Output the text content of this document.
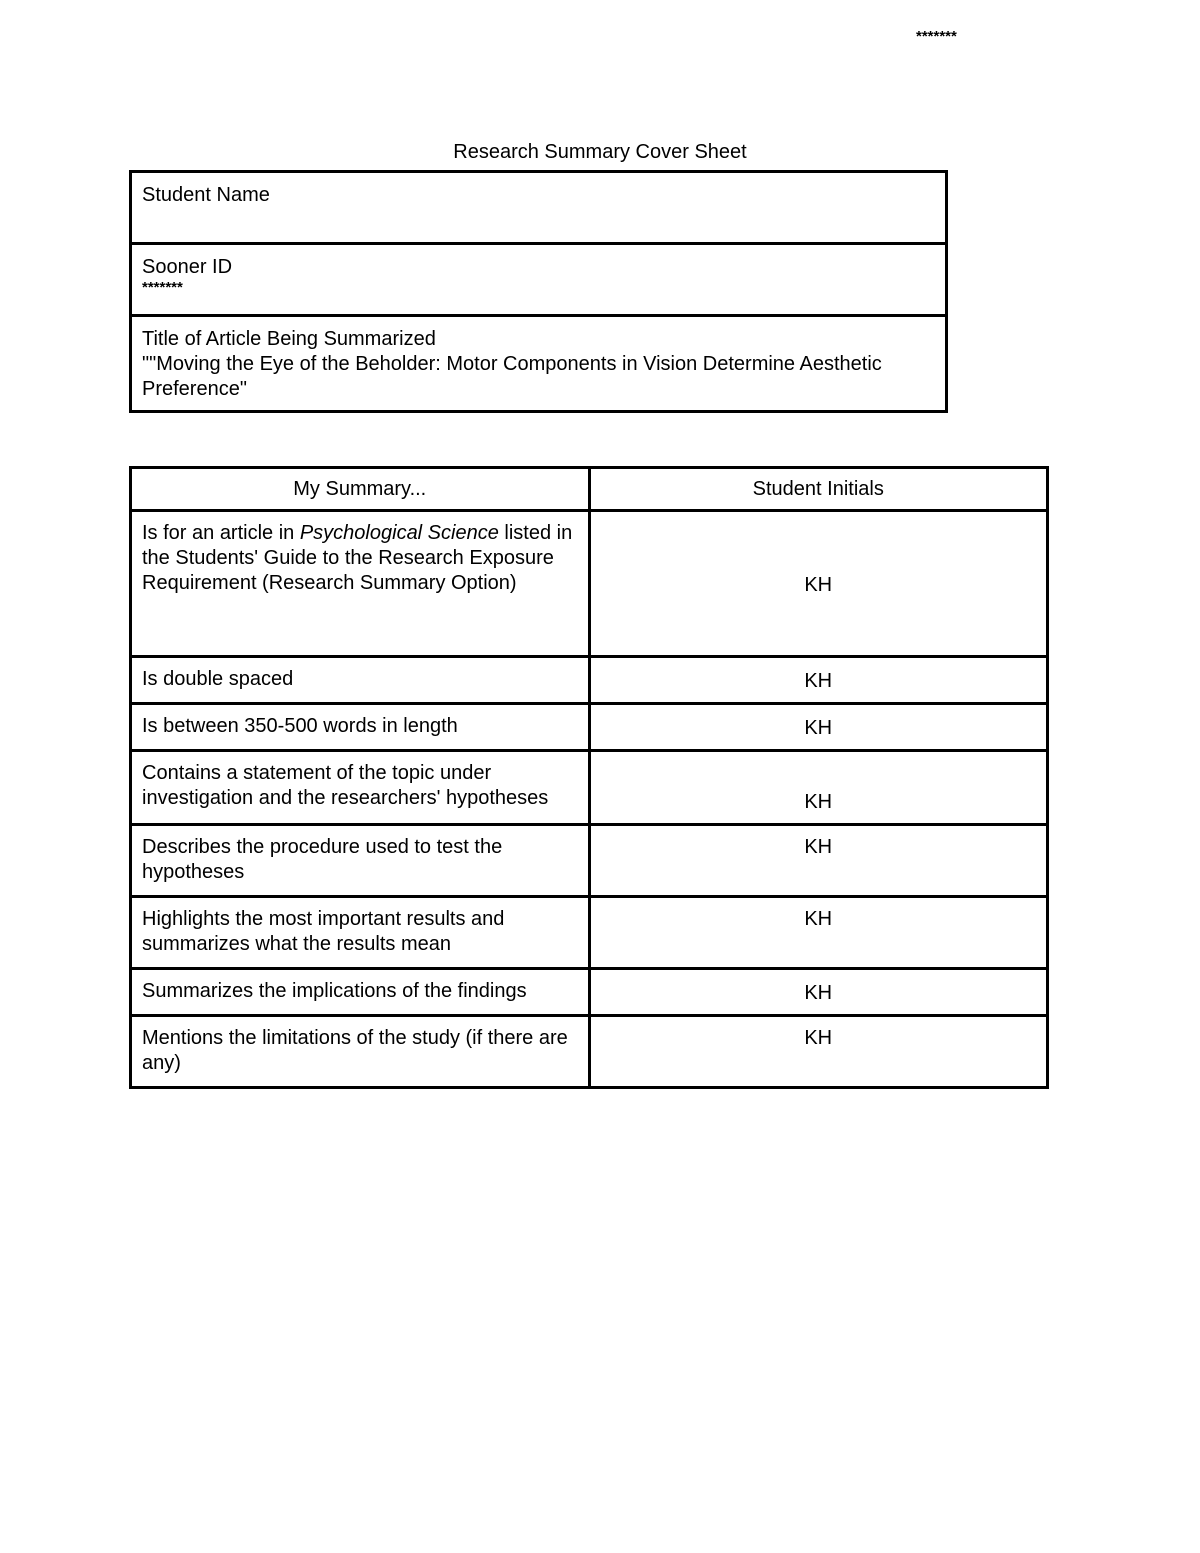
*******
Research Summary Cover Sheet
Student Name
Sooner ID
*******

Title of Article Being Summarized
""Moving the Eye of the Beholder: Motor Components in Vision Determine Aesthetic Preference"
My Summary...	Student Initials
Is for an article in Psychological Science listed in the Students' Guide to the Research Exposure Requirement (Research Summary Option)	KH
Is double spaced	KH
Is between 350-500 words in length	KH
Contains a statement of the topic under investigation and the researchers' hypotheses	KH
Describes the procedure used to test the hypotheses	KH
Highlights the most important results and summarizes what the results mean	KH
Summarizes the implications of the findings	KH
Mentions the limitations of the study (if there are any)	KH
